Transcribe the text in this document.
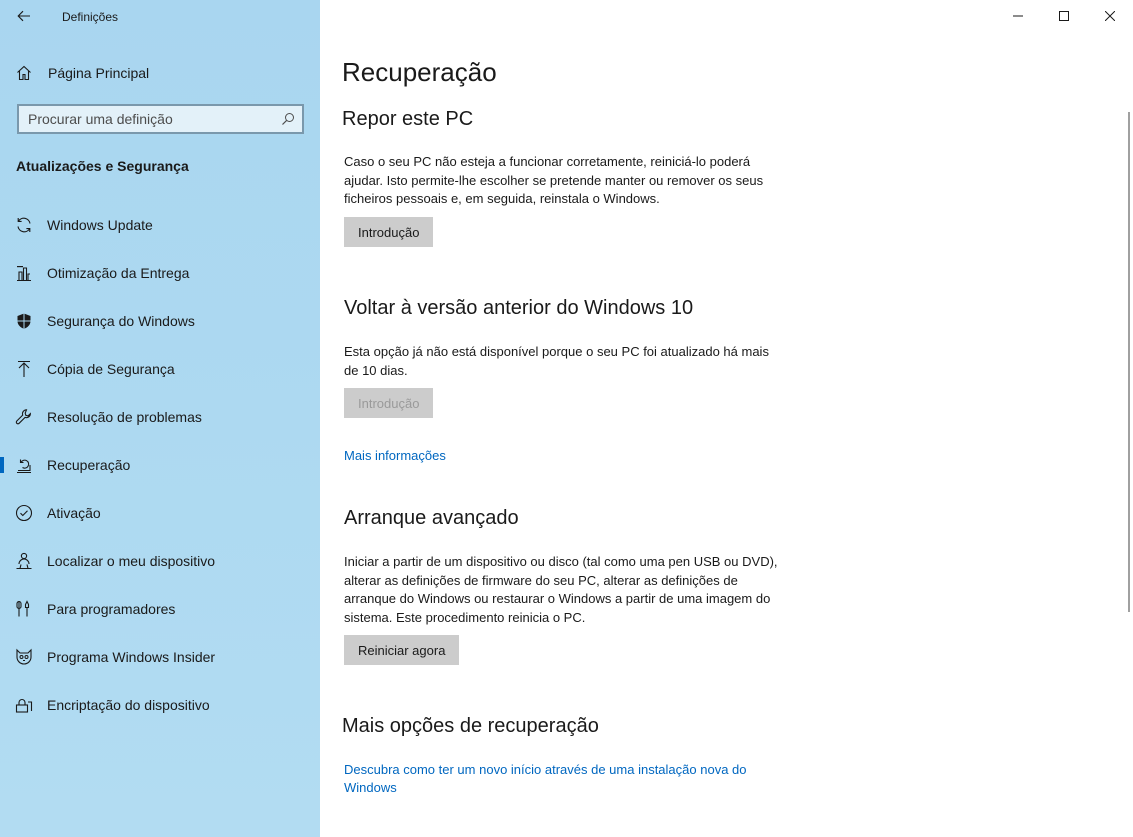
Definições
Página Principal
Procurar uma definição
Atualizações e Segurança
Windows Update
Otimização da Entrega
Segurança do Windows
Cópia de Segurança
Resolução de problemas
Recuperação
Ativação
Localizar o meu dispositivo
Para programadores
Programa Windows Insider
Encriptação do dispositivo
Recuperação
Repor este PC

Caso o seu PC não esteja a funcionar corretamente, reiniciá-lo poderá ajudar. Isto permite-lhe escolher se pretende manter ou remover os seus ficheiros pessoais e, em seguida, reinstala o Windows.

Introdução
Voltar à versão anterior do Windows 10

Esta opção já não está disponível porque o seu PC foi atualizado há mais de 10 dias.

Introdução
Mais informações
Arranque avançado

Iniciar a partir de um dispositivo ou disco (tal como uma pen USB ou DVD), alterar as definições de firmware do seu PC, alterar as definições de arranque do Windows ou restaurar o Windows a partir de uma imagem do sistema. Este procedimento reinicia o PC.

Reiniciar agora
Mais opções de recuperação
Descubra como ter um novo início através de uma instalação nova do Windows
